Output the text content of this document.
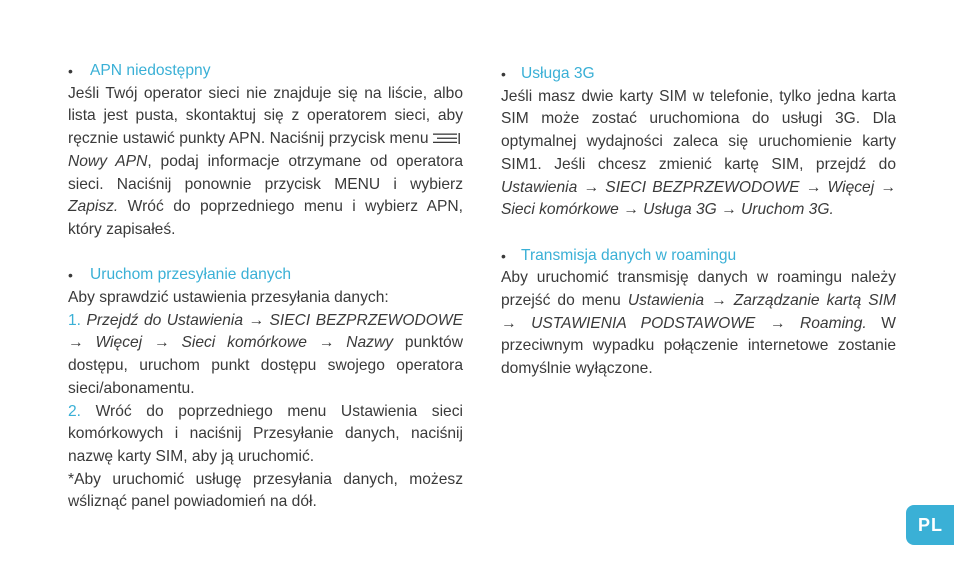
•	APN niedostępny
Jeśli Twój operator sieci nie znajduje się na liście, albo lista jest pusta, skontaktuj się z operatorem sieci, aby ręcznie ustawić punkty APN. Naciśnij przycisk menu Nowy APN, podaj informacje otrzymane od operatora sieci. Naciśnij ponownie przycisk MENU i wybierz Zapisz. Wróć do poprzedniego menu i wybierz APN, który zapisałeś.
•	Uruchom przesyłanie danych
Aby sprawdzić ustawienia przesyłania danych:
1. Przejdź do Ustawienia → SIECI BEZPRZEWODOWE → Więcej → Sieci komórkowe → Nazwy punktów dostępu, uruchom punkt dostępu swojego operatora sieci/abonamentu.
2. Wróć do poprzedniego menu Ustawienia sieci komórkowych i naciśnij Przesyłanie danych, naciśnij nazwę karty SIM, aby ją uruchomić.
*Aby uruchomić usługę przesyłania danych, możesz wśliznąć panel powiadomień na dół.
• Usługa 3G
Jeśli masz dwie karty SIM w telefonie, tylko jedna karta SIM może zostać uruchomiona do usługi 3G. Dla optymalnej wydajności zaleca się uruchomienie karty SIM1. Jeśli chcesz zmienić kartę SIM, przejdź do Ustawienia → SIECI BEZPRZEWODOWE → Więcej → Sieci komórkowe → Usługa 3G → Uruchom 3G.
• Transmisja danych w roamingu
Aby uruchomić transmisję danych w roamingu należy przejść do menu Ustawienia → Zarządzanie kartą SIM → USTAWIENIA PODSTAWOWE → Roaming. W przeciwnym wypadku połączenie internetowe zostanie domyślnie wyłączone.
PL
